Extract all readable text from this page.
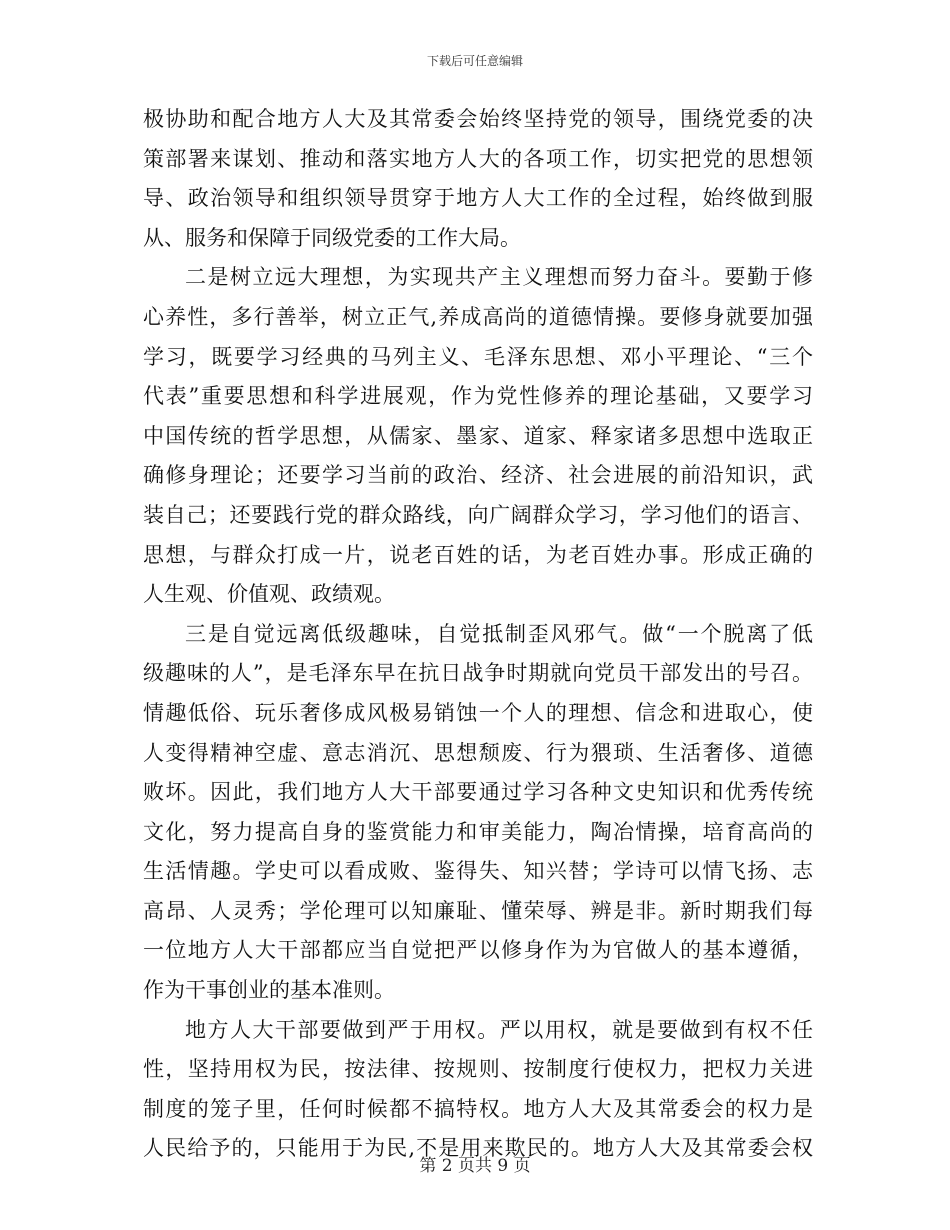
下载后可任意编辑
极协助和配合地方人大及其常委会始终坚持党的领导，围绕党委的决
策部署来谋划、推动和落实地方人大的各项工作，切实把党的思想领
导、政治领导和组织领导贯穿于地方人大工作的全过程，始终做到服
从、服务和保障于同级党委的工作大局。
二是树立远大理想，为实现共产主义理想而努力奋斗。要勤于修
心养性，多行善举，树立正气,养成高尚的道德情操。要修身就要加强
学习，既要学习经典的马列主义、毛泽东思想、邓小平理论、“三个
代表”重要思想和科学进展观，作为党性修养的理论基础，又要学习
中国传统的哲学思想，从儒家、墨家、道家、释家诸多思想中选取正
确修身理论；还要学习当前的政治、经济、社会进展的前沿知识，武
装自己；还要践行党的群众路线，向广阔群众学习，学习他们的语言、
思想，与群众打成一片，说老百姓的话，为老百姓办事。形成正确的
人生观、价值观、政绩观。
三是自觉远离低级趣味，自觉抵制歪风邪气。做“一个脱离了低
级趣味的人”，是毛泽东早在抗日战争时期就向党员干部发出的号召。
情趣低俗、玩乐奢侈成风极易销蚀一个人的理想、信念和进取心，使
人变得精神空虚、意志消沉、思想颓废、行为猥琐、生活奢侈、道德
败坏。因此，我们地方人大干部要通过学习各种文史知识和优秀传统
文化，努力提高自身的鉴赏能力和审美能力，陶冶情操，培育高尚的
生活情趣。学史可以看成败、鉴得失、知兴替；学诗可以情飞扬、志
高昂、人灵秀；学伦理可以知廉耻、懂荣辱、辨是非。新时期我们每
一位地方人大干部都应当自觉把严以修身作为为官做人的基本遵循，
作为干事创业的基本准则。
地方人大干部要做到严于用权。严以用权，就是要做到有权不任
性，坚持用权为民，按法律、按规则、按制度行使权力，把权力关进
制度的笼子里，任何时候都不搞特权。地方人大及其常委会的权力是
人民给予的，只能用于为民,不是用来欺民的。地方人大及其常委会权
第 2 页共 9 页
